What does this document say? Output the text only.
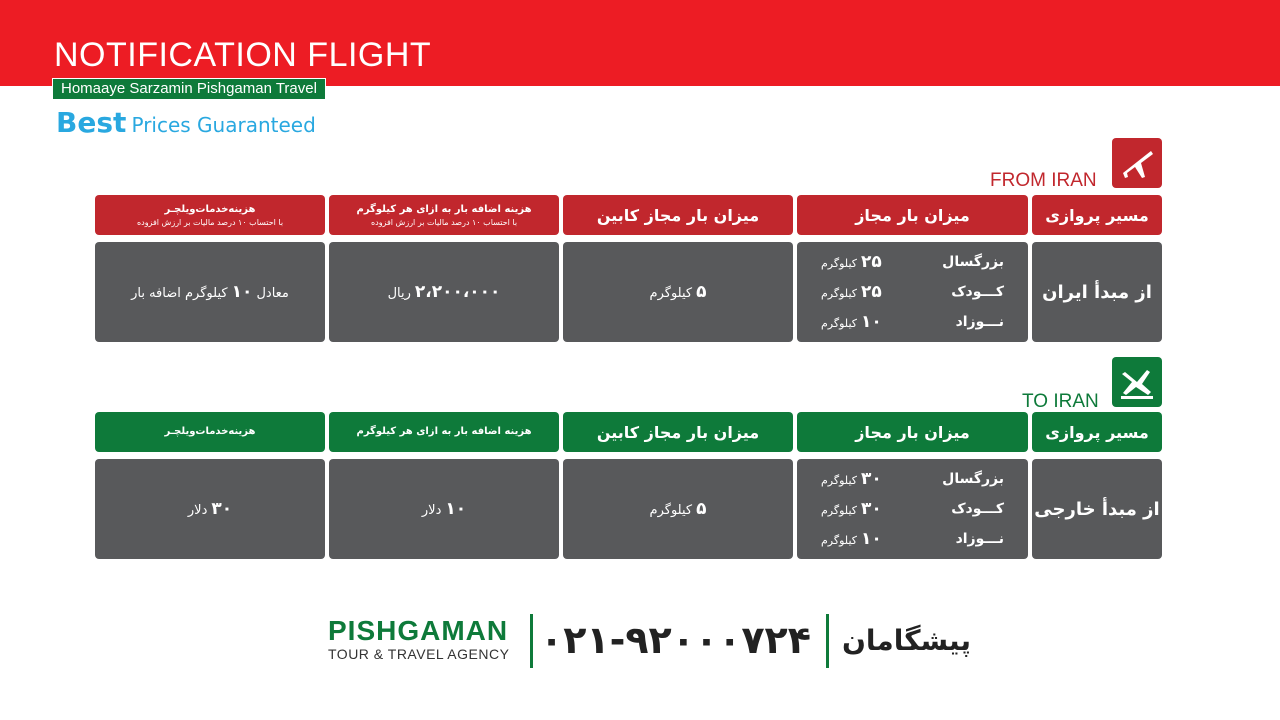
NOTIFICATION FLIGHT
Homaaye Sarzamin Pishgaman Travel
Best Prices Guaranteed
FROM IRAN
مسیر پروازی
میزان بار مجاز
میزان بار مجاز کابین
هزینه اضافه بار به ازای هر کیلوگرم
با احتساب ۱۰ درصد مالیات بر ارزش افزوده
هزینه‌خدمات‌ویلچـر
با احتساب ۱۰ درصد مالیات بر ارزش افزوده
از مبدأ ایران
بزرگسال
۲۵کیلوگرم
کـــودک
۲۵کیلوگرم
نـــوزاد
۱۰کیلوگرم
۵کیلوگرم
۲،۲۰۰،۰۰۰ریال
معادل ۱۰کیلوگرم اضافه بار
TO IRAN
مسیر پروازی
میزان بار مجاز
میزان بار مجاز کابین
هزینه اضافه بار به ازای هر کیلوگرم
هزینه‌خدمات‌ویلچـر
از مبدأ خارجی
بزرگسال
۳۰کیلوگرم
کـــودک
۳۰کیلوگرم
نـــوزاد
۱۰کیلوگرم
۵کیلوگرم
۱۰دلار
۳۰دلار
PISHGAMAN
TOUR & TRAVEL AGENCY ۰۲۱-۹۲۰۰۰۷۲۴ پیشگامان
